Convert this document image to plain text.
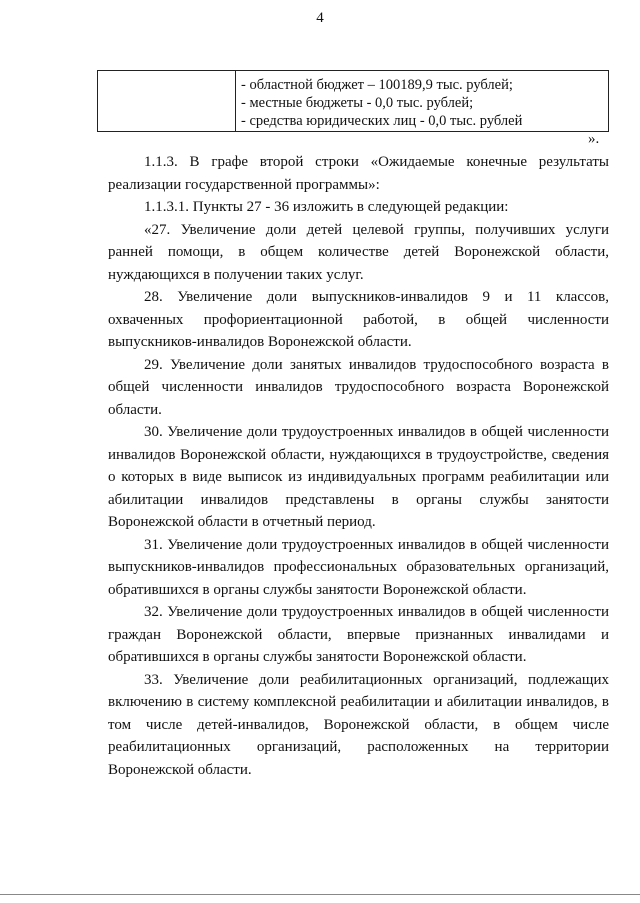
4
- областной бюджет – 100189,9 тыс. рублей;
- местные бюджеты - 0,0 тыс. рублей;
- средства юридических лиц - 0,0 тыс. рублей
».

1.1.3. В графе второй строки «Ожидаемые конечные результаты реализации государственной программы»:

1.1.3.1. Пункты 27 - 36 изложить в следующей редакции:

«27. Увеличение доли детей целевой группы, получивших услуги ранней помощи, в общем количестве детей Воронежской области, нуждающихся в получении таких услуг.

28. Увеличение доли выпускников-инвалидов 9 и 11 классов, охваченных профориентационной работой, в общей численности выпускников-инвалидов Воронежской области.

29. Увеличение доли занятых инвалидов трудоспособного возраста в общей численности инвалидов трудоспособного возраста Воронежской области.

30. Увеличение доли трудоустроенных инвалидов в общей численности инвалидов Воронежской области, нуждающихся в трудоустройстве, сведения о которых в виде выписок из индивидуальных программ реабилитации или абилитации инвалидов представлены в органы службы занятости Воронежской области в отчетный период.

31. Увеличение доли трудоустроенных инвалидов в общей численности выпускников-инвалидов профессиональных образовательных организаций, обратившихся в органы службы занятости Воронежской области.

32. Увеличение доли трудоустроенных инвалидов в общей численности граждан Воронежской области, впервые признанных инвалидами и обратившихся в органы службы занятости Воронежской области.

33. Увеличение доли реабилитационных организаций, подлежащих включению в систему комплексной реабилитации и абилитации инвалидов, в том числе детей-инвалидов, Воронежской области, в общем числе реабилитационных организаций, расположенных на территории Воронежской области.
